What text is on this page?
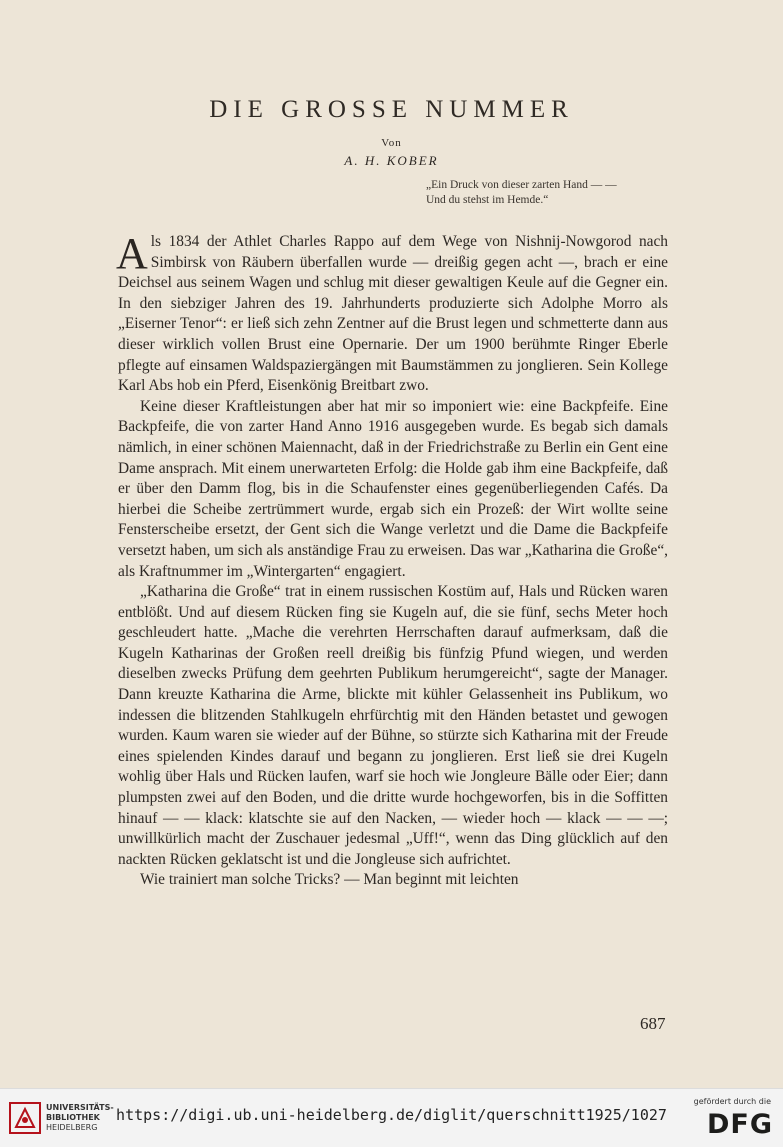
DIE GROSSE NUMMER
Von
A. H. KOBER
„Ein Druck von dieser zarten Hand — —
Und du stehst im Hemde.“

Als 1834 der Athlet Charles Rappo auf dem Wege von Nishnij-Nowgorod nach Simbirsk von Räubern überfallen wurde — dreißig gegen acht —, brach er eine Deichsel aus seinem Wagen und schlug mit dieser gewaltigen Keule auf die Gegner ein. In den siebziger Jahren des 19. Jahrhunderts produzierte sich Adolphe Morro als „Eiserner Tenor“: er ließ sich zehn Zentner auf die Brust legen und schmetterte dann aus dieser wirklich vollen Brust eine Opernarie. Der um 1900 berühmte Ringer Eberle pflegte auf einsamen Waldspaziergängen mit Baumstämmen zu jonglieren. Sein Kollege Karl Abs hob ein Pferd, Eisenkönig Breitbart zwo.

Keine dieser Kraftleistungen aber hat mir so imponiert wie: eine Backpfeife. Eine Backpfeife, die von zarter Hand Anno 1916 ausgegeben wurde. Es begab sich damals nämlich, in einer schönen Maiennacht, daß in der Friedrichstraße zu Berlin ein Gent eine Dame ansprach. Mit einem unerwarteten Erfolg: die Holde gab ihm eine Backpfeife, daß er über den Damm flog, bis in die Schaufenster eines gegenüberliegenden Cafés. Da hierbei die Scheibe zertrümmert wurde, ergab sich ein Prozeß: der Wirt wollte seine Fensterscheibe ersetzt, der Gent sich die Wange verletzt und die Dame die Backpfeife versetzt haben, um sich als anständige Frau zu erweisen. Das war „Katharina die Große“, als Kraftnummer im „Wintergarten“ engagiert.

„Katharina die Große“ trat in einem russischen Kostüm auf, Hals und Rücken waren entblößt. Und auf diesem Rücken fing sie Kugeln auf, die sie fünf, sechs Meter hoch geschleudert hatte. „Mache die verehrten Herrschaften darauf aufmerksam, daß die Kugeln Katharinas der Großen reell dreißig bis fünfzig Pfund wiegen, und werden dieselben zwecks Prüfung dem geehrten Publikum herumgereicht“, sagte der Manager. Dann kreuzte Katharina die Arme, blickte mit kühler Gelassenheit ins Publikum, wo indessen die blitzenden Stahlkugeln ehrfürchtig mit den Händen betastet und gewogen wurden. Kaum waren sie wieder auf der Bühne, so stürzte sich Katharina mit der Freude eines spielenden Kindes darauf und begann zu jonglieren. Erst ließ sie drei Kugeln wohlig über Hals und Rücken laufen, warf sie hoch wie Jongleure Bälle oder Eier; dann plumpsten zwei auf den Boden, und die dritte wurde hochgeworfen, bis in die Soffitten hinauf — — klack: klatschte sie auf den Nacken, — wieder hoch — klack — — —; unwillkürlich macht der Zuschauer jedesmal „Uff!“, wenn das Ding glücklich auf den nackten Rücken geklatscht ist und die Jongleuse sich aufrichtet.

Wie trainiert man solche Tricks? — Man beginnt mit leichten

687
UNIVERSITÄTS-
BIBLIOTHEK
HEIDELBERG
https://digi.ub.uni-heidelberg.de/diglit/querschnitt1925/1027
gefördert durch die
DFG
